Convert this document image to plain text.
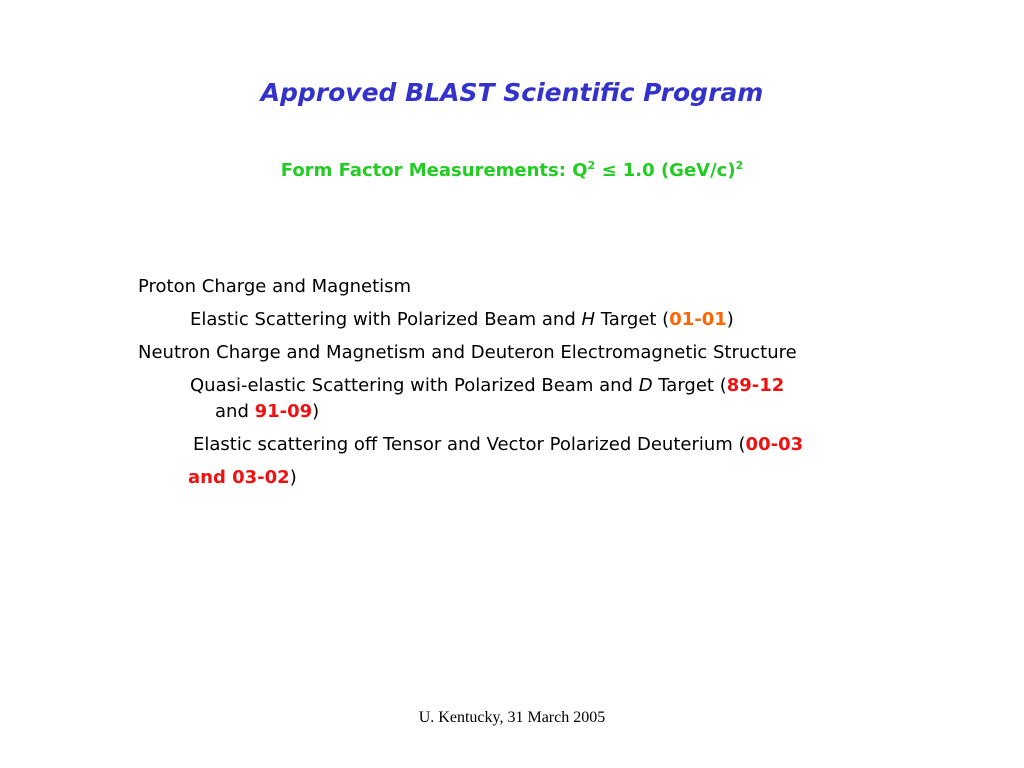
Approved BLAST Scientific Program
Form Factor Measurements: $Q^2 \le 1.0$ $(GeV/c)^2$
Proton Charge and Magnetism
Elastic Scattering with Polarized Beam and H Target (01-01)
Neutron Charge and Magnetism and Deuteron Electromagnetic Structure
Quasi-elastic Scattering with Polarized Beam and D Target (89-12
and 91-09)
Elastic scattering off Tensor and Vector Polarized Deuterium (00-03
and 03-02)
U. Kentucky, 31 March 2005
